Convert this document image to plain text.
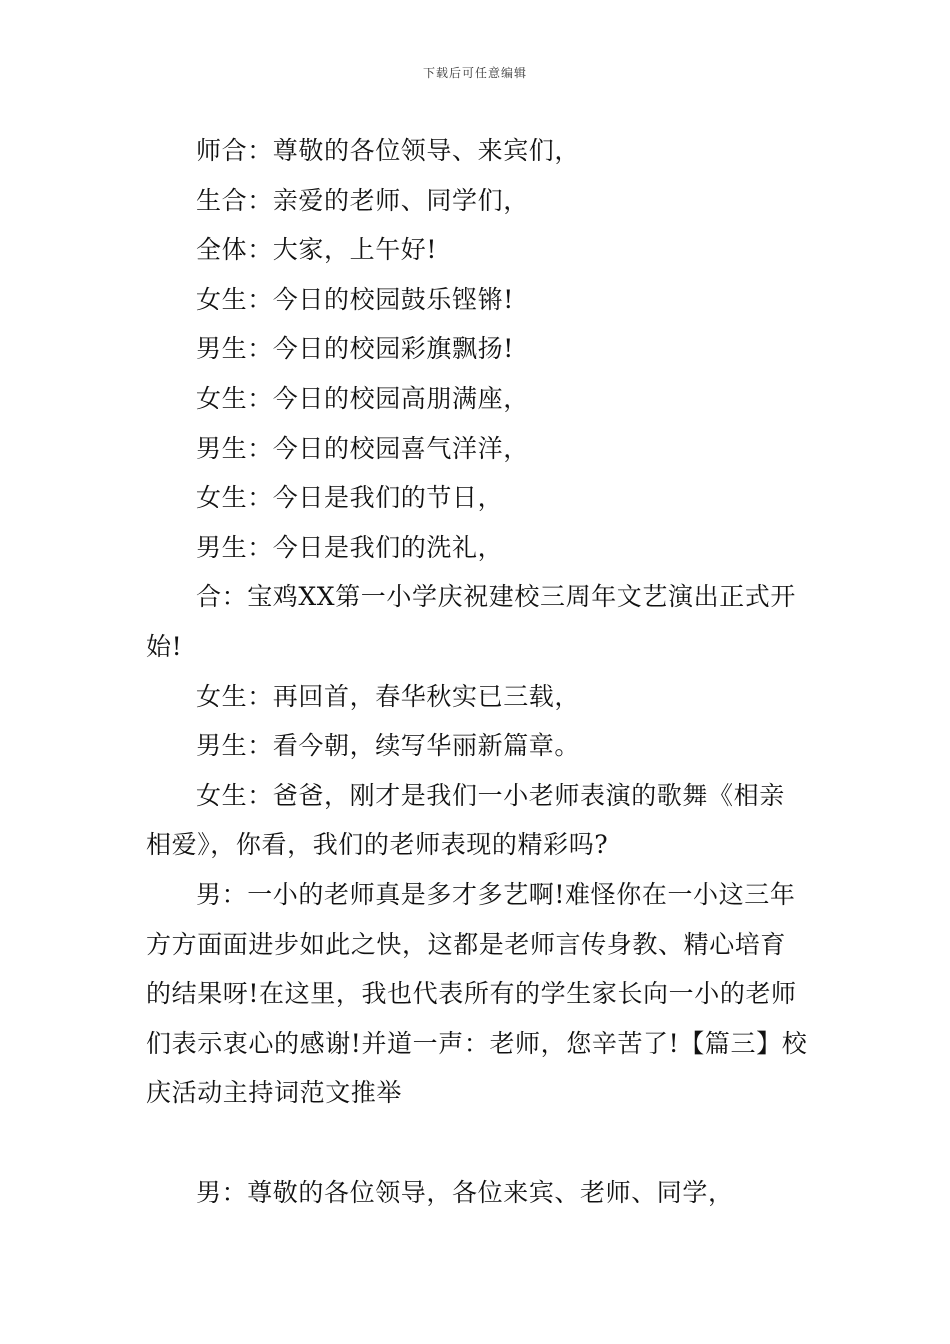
下载后可任意编辑

师合：尊敬的各位领导、来宾们，

生合：亲爱的老师、同学们，

全体：大家，上午好!

女生：今日的校园鼓乐铿锵!

男生：今日的校园彩旗飘扬!

女生：今日的校园高朋满座，

男生：今日的校园喜气洋洋，

女生：今日是我们的节日，

男生：今日是我们的洗礼，

合：宝鸡XX第一小学庆祝建校三周年文艺演出正式开始!

女生：再回首，春华秋实已三载，

男生：看今朝，续写华丽新篇章。

女生：爸爸，刚才是我们一小老师表演的歌舞《相亲相爱》，你看，我们的老师表现的精彩吗?

男：一小的老师真是多才多艺啊!难怪你在一小这三年方方面面进步如此之快，这都是老师言传身教、精心培育的结果呀!在这里，我也代表所有的学生家长向一小的老师们表示衷心的感谢!并道一声：老师，您辛苦了!【篇三】校庆活动主持词范文推举

男：尊敬的各位领导，各位来宾、老师、同学，
